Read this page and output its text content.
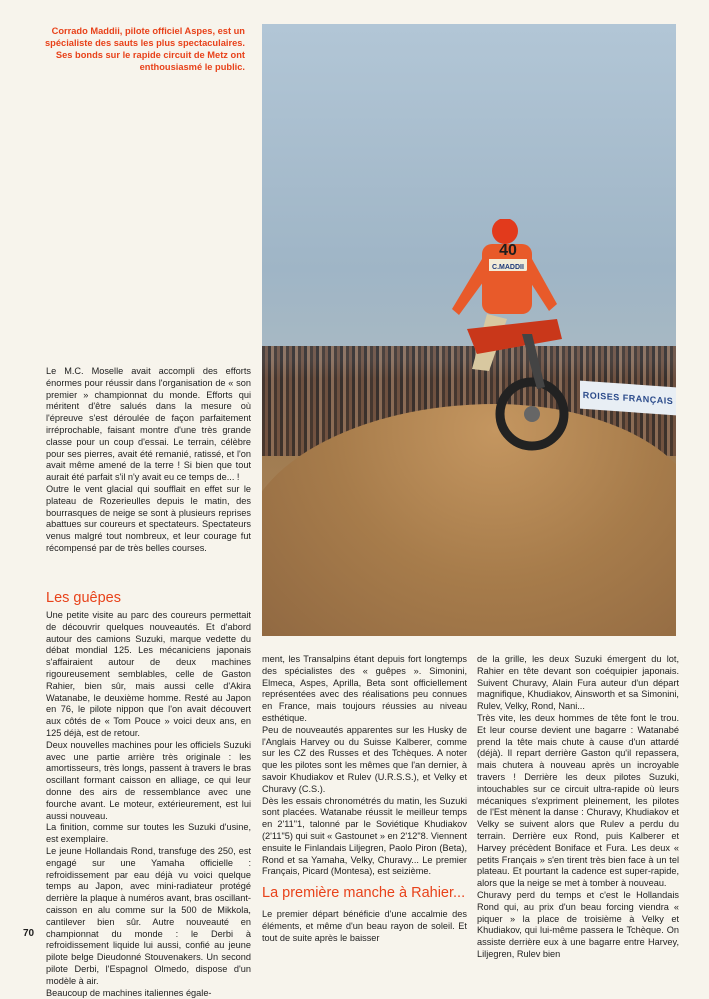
Corrado Maddii, pilote officiel Aspes, est un spécialiste des sauts les plus spectaculaires. Ses bonds sur le rapide circuit de Metz ont enthousiasmé le public.
ROISES FRANÇAIS
40
C.MADDII

Le M.C. Moselle avait accompli des efforts énormes pour réussir dans l'organisation de « son premier » championnat du monde. Efforts qui méritent d'être salués dans la mesure où l'épreuve s'est déroulée de façon parfaitement irréprochable, faisant montre d'une très grande classe pour un coup d'essai. Le terrain, célèbre pour ses pierres, avait été remanié, ratissé, et l'on avait même amené de la terre ! Si bien que tout aurait été parfait s'il n'y avait eu ce temps de... !

Outre le vent glacial qui soufflait en effet sur le plateau de Rozerieulles depuis le matin, des bourrasques de neige se sont à plusieurs reprises abattues sur coureurs et spectateurs. Spectateurs venus malgré tout nombreux, et leur courage fut récompensé par de très belles courses.

Les guêpes

Une petite visite au parc des coureurs permettait de découvrir quelques nouveautés. Et d'abord autour des camions Suzuki, marque vedette du débat mondial 125. Les mécaniciens japonais s'affairaient autour de deux machines rigoureusement semblables, celle de Gaston Rahier, bien sûr, mais aussi celle d'Akira Watanabe, le deuxième homme. Resté au Japon en 76, le pilote nippon que l'on avait découvert aux côtés de « Tom Pouce » voici deux ans, en 125 déjà, est de retour.

Deux nouvelles machines pour les officiels Suzuki avec une partie arrière très originale : les amortisseurs, très longs, passent à travers le bras oscillant formant caisson en alliage, ce qui leur donne des airs de ressemblance avec une fourche avant. Le moteur, extérieurement, est lui aussi nouveau.

La finition, comme sur toutes les Suzuki d'usine, est exemplaire.

Le jeune Hollandais Rond, transfuge des 250, est engagé sur une Yamaha officielle : refroidissement par eau déjà vu voici quelque temps au Japon, avec mini-radiateur protégé derrière la plaque à numéros avant, bras oscillant-caisson en alu comme sur la 500 de Mikkola, cantilever bien sûr. Autre nouveauté en championnat du monde : le Derbi à refroidissement liquide lui aussi, confié au jeune pilote belge Dieudonné Stouvenakers. Un second pilote Derbi, l'Espagnol Olmedo, dispose d'un modèle à air.

Beaucoup de machines italiennes égale-

ment, les Transalpins étant depuis fort longtemps des spécialistes des « guêpes ». Simonini, Elmeca, Aspes, Aprilla, Beta sont officiellement représentées avec des réalisations peu connues en France, mais toujours réussies au niveau esthétique.

Peu de nouveautés apparentes sur les Husky de l'Anglais Harvey ou du Suisse Kalberer, comme sur les CZ des Russes et des Tchèques. A noter que les pilotes sont les mêmes que l'an dernier, à savoir Khudiakov et Rulev (U.R.S.S.), et Velky et Churavy (C.S.).

Dès les essais chronométrés du matin, les Suzuki sont placées. Watanabe réussit le meilleur temps en 2'11"1, talonné par le Soviétique Khudiakov (2'11"5) qui suit « Gastounet » en 2'12"8. Viennent ensuite le Finlandais Liljegren, Paolo Piron (Beta), Rond et sa Yamaha, Velky, Churavy... Le premier Français, Picard (Montesa), est seizième.

La première manche à Rahier...

Le premier départ bénéficie d'une accalmie des éléments, et même d'un beau rayon de soleil. Et tout de suite après le baisser

de la grille, les deux Suzuki émergent du lot, Rahier en tête devant son coéquipier japonais. Suivent Churavy, Alain Fura auteur d'un départ magnifique, Khudiakov, Ainsworth et sa Simonini, Rulev, Velky, Rond, Nani...

Très vite, les deux hommes de tête font le trou. Et leur course devient une bagarre : Watanabé prend la tête mais chute à cause d'un attardé (déjà). Il repart derrière Gaston qu'il repassera, mais chutera à nouveau après un incroyable travers ! Derrière les deux pilotes Suzuki, intouchables sur ce circuit ultra-rapide où leurs mécaniques s'expriment pleinement, les pilotes de l'Est mènent la danse : Churavy, Khudiakov et Velky se suivent alors que Rulev a perdu du terrain. Derrière eux Rond, puis Kalberer et Harvey précèdent Boniface et Fura. Les deux « petits Français » s'en tirent très bien face à un tel plateau. Et pourtant la cadence est super-rapide, alors que la neige se met à tomber à nouveau.

Churavy perd du temps et c'est le Hollandais Rond qui, au prix d'un beau forcing viendra « piquer » la place de troisième à Velky et Khudiakov, qui lui-même passera le Tchèque. On assiste derrière eux à une bagarre entre Harvey, Liljegren, Rulev bien

70
